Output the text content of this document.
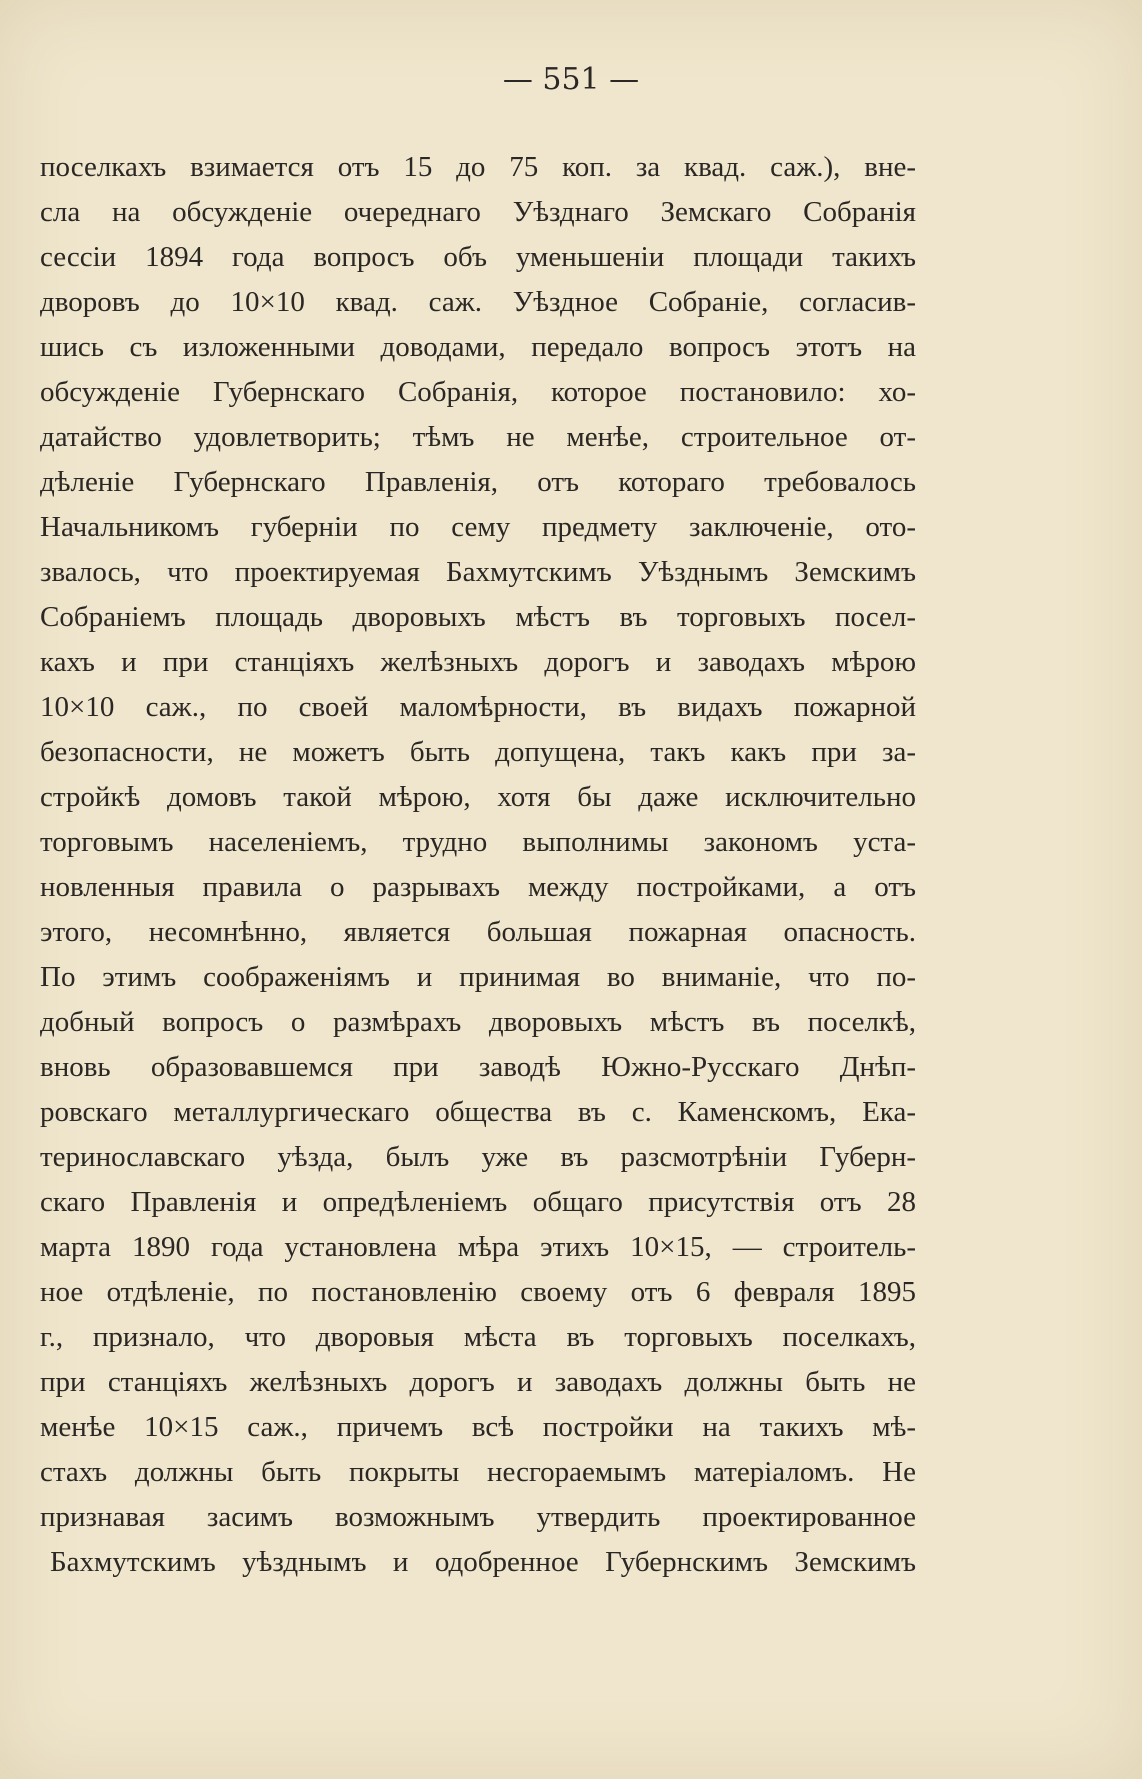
— 551 —
поселкахъ взимается отъ 15 до 75 коп. за квад. саж.), вне-
сла на обсужденіе очереднаго Уѣзднаго Земскаго Собранія
сессіи 1894 года вопросъ объ уменьшеніи площади такихъ
дворовъ до 10×10 квад. саж. Уѣздное Собраніе, согласив-
шись съ изложенными доводами, передало вопросъ этотъ на
обсужденіе Губернскаго Собранія, которое постановило: хо-
датайство удовлетворить; тѣмъ не менѣе, строительное от-
дѣленіе Губернскаго Правленія, отъ котораго требовалось
Начальникомъ губерніи по сему предмету заключеніе, ото-
звалось, что проектируемая Бахмутскимъ Уѣзднымъ Земскимъ
Собраніемъ площадь дворовыхъ мѣстъ въ торговыхъ посел-
кахъ и при станціяхъ желѣзныхъ дорогъ и заводахъ мѣрою
10×10 саж., по своей маломѣрности, въ видахъ пожарной
безопасности, не можетъ быть допущена, такъ какъ при за-
стройкѣ домовъ такой мѣрою, хотя бы даже исключительно
торговымъ населеніемъ, трудно выполнимы закономъ уста-
новленныя правила о разрывахъ между постройками, а отъ
этого, несомнѣнно, является большая пожарная опасность.
По этимъ соображеніямъ и принимая во вниманіе, что по-
добный вопросъ о размѣрахъ дворовыхъ мѣстъ въ поселкѣ,
вновь образовавшемся при заводѣ Южно-Русскаго Днѣп-
ровскаго металлургическаго общества въ с. Каменскомъ, Ека-
теринославскаго уѣзда, былъ уже въ разсмотрѣніи Губерн-
скаго Правленія и опредѣленіемъ общаго присутствія отъ 28
марта 1890 года установлена мѣра этихъ 10×15, — строитель-
ное отдѣленіе, по постановленію своему отъ 6 февраля 1895
г., признало, что дворовыя мѣста въ торговыхъ поселкахъ,
при станціяхъ желѣзныхъ дорогъ и заводахъ должны быть не
менѣе 10×15 саж., причемъ всѣ постройки на такихъ мѣ-
стахъ должны быть покрыты несгораемымъ матеріаломъ. Не
признавая засимъ возможнымъ утвердить проектированное
Бахмутскимъ уѣзднымъ и одобренное Губернскимъ Земскимъ
